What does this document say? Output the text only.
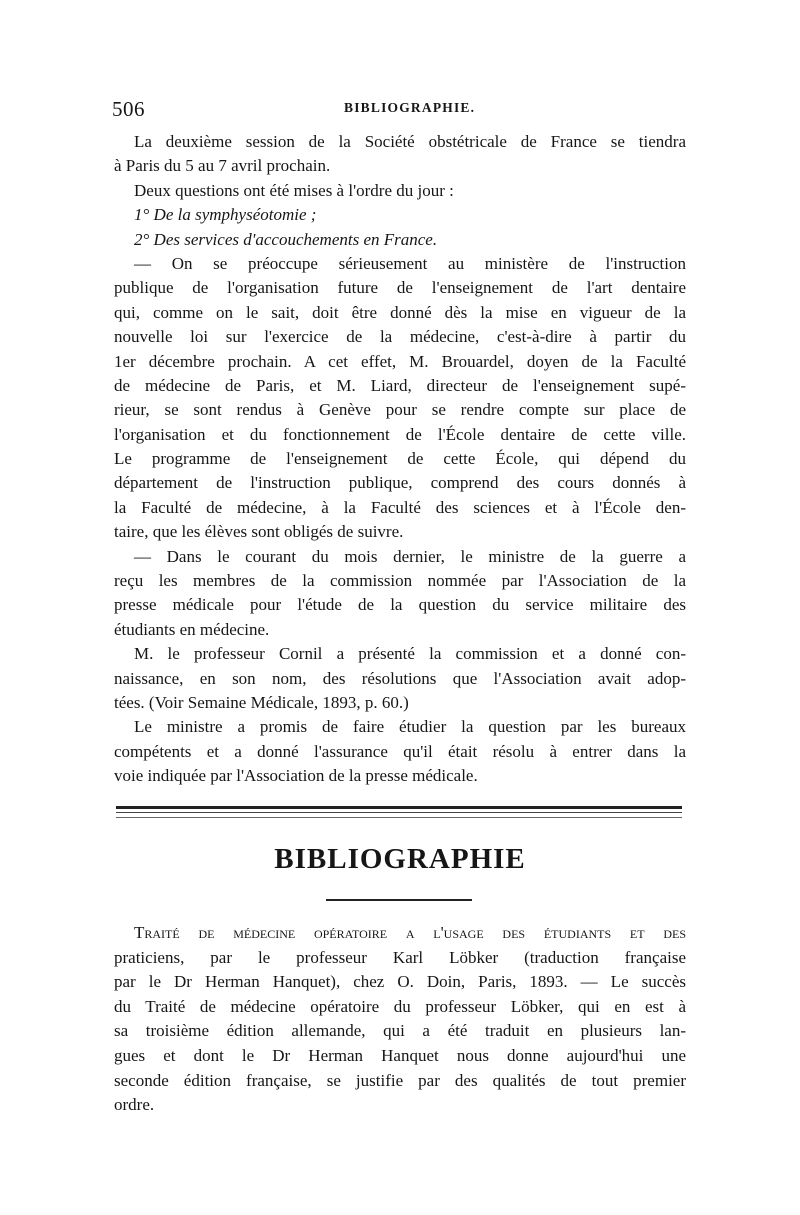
506	BIBLIOGRAPHIE.
La deuxième session de la Société obstétricale de France se tiendra
à Paris du 5 au 7 avril prochain.
Deux questions ont été mises à l'ordre du jour :
1° De la symphyséotomie ;
2° Des services d'accouchements en France.
— On se préoccupe sérieusement au ministère de l'instruction
publique de l'organisation future de l'enseignement de l'art dentaire
qui, comme on le sait, doit être donné dès la mise en vigueur de la
nouvelle loi sur l'exercice de la médecine, c'est-à-dire à partir du
1er décembre prochain. A cet effet, M. Brouardel, doyen de la Faculté
de médecine de Paris, et M. Liard, directeur de l'enseignement supé-
rieur, se sont rendus à Genève pour se rendre compte sur place de
l'organisation et du fonctionnement de l'École dentaire de cette ville.
Le programme de l'enseignement de cette École, qui dépend du
département de l'instruction publique, comprend des cours donnés à
la Faculté de médecine, à la Faculté des sciences et à l'École den-
taire, que les élèves sont obligés de suivre.
— Dans le courant du mois dernier, le ministre de la guerre a
reçu les membres de la commission nommée par l'Association de la
presse médicale pour l'étude de la question du service militaire des
étudiants en médecine.
M. le professeur Cornil a présenté la commission et a donné con-
naissance, en son nom, des résolutions que l'Association avait adop-
tées. (Voir Semaine Médicale, 1893, p. 60.)
Le ministre a promis de faire étudier la question par les bureaux
compétents et a donné l'assurance qu'il était résolu à entrer dans la
voie indiquée par l'Association de la presse médicale.
BIBLIOGRAPHIE
Traité de médecine opératoire a l'usage des étudiants et des
praticiens, par le professeur Karl Löbker (traduction française
par le Dr Herman Hanquet), chez O. Doin, Paris, 1893. — Le succès
du Traité de médecine opératoire du professeur Löbker, qui en est à
sa troisième édition allemande, qui a été traduit en plusieurs lan-
gues et dont le Dr Herman Hanquet nous donne aujourd'hui une
seconde édition française, se justifie par des qualités de tout premier
ordre.
